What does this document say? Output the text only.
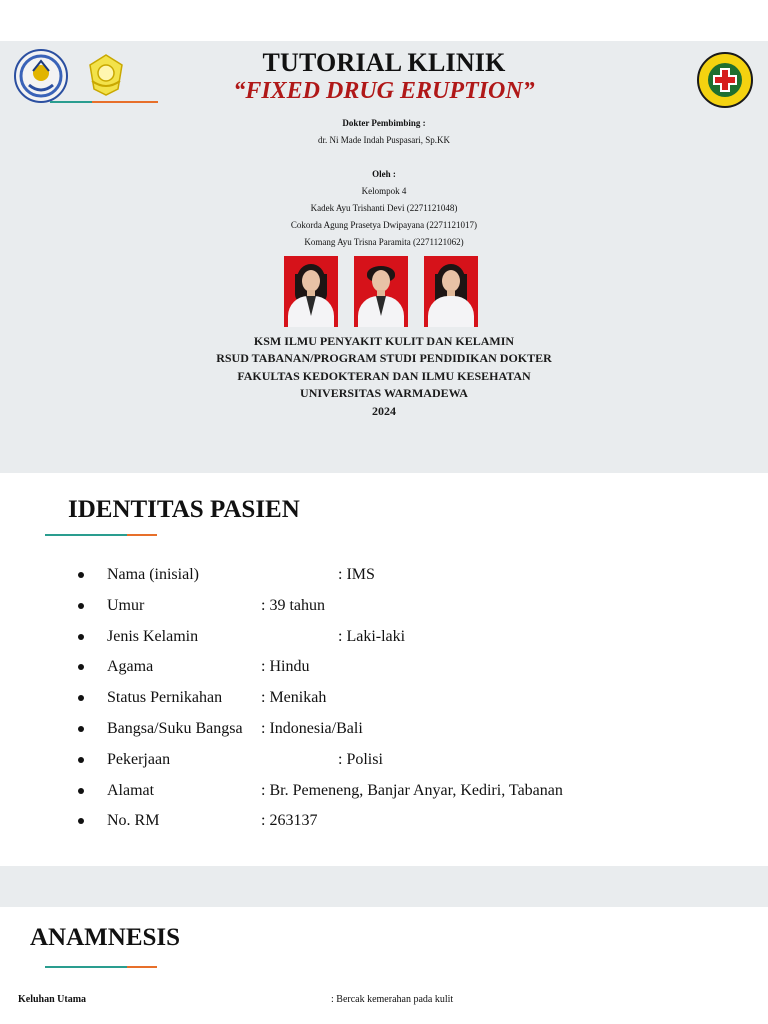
TUTORIAL KLINIK
“FIXED DRUG ERUPTION”
Dokter Pembimbing :
dr. Ni Made Indah Puspasari, Sp.KK
Oleh :
Kelompok 4
Kadek Ayu Trishanti Devi (2271121048)
Cokorda Agung Prasetya Dwipayana (2271121017)
Komang Ayu Trisna Paramita (2271121062)
KSM ILMU PENYAKIT KULIT DAN KELAMIN
RSUD TABANAN/PROGRAM STUDI PENDIDIKAN DOKTER
FAKULTAS KEDOKTERAN DAN ILMU KESEHATAN
UNIVERSITAS WARMADEWA
2024
IDENTITAS PASIEN
Nama (inisial)	: IMS
Umur	: 39 tahun
Jenis Kelamin	: Laki-laki
Agama	: Hindu
Status Pernikahan : Menikah
Bangsa/Suku Bangsa : Indonesia/Bali
Pekerjaan	: Polisi
Alamat	: Br. Pemeneng, Banjar Anyar, Kediri, Tabanan
No. RM	: 263137
ANAMNESIS
Keluhan Utama	: Bercak kemerahan pada kulit
